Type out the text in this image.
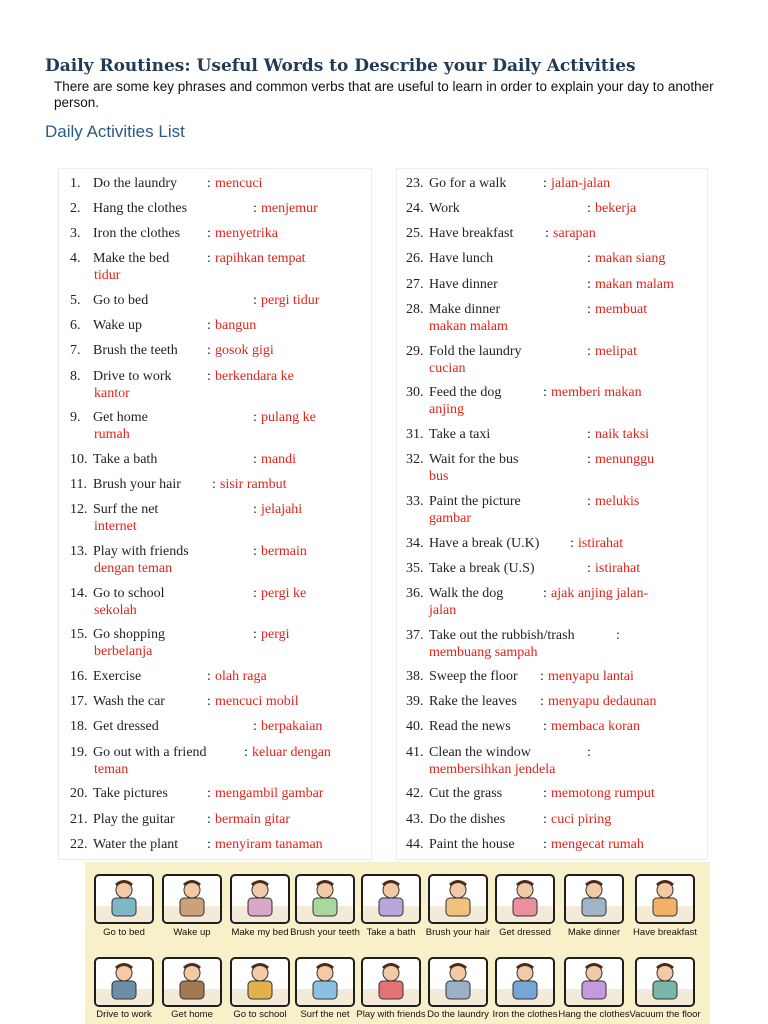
Daily Routines: Useful Words to Describe your Daily Activities
There are some key phrases and common verbs that are useful to learn in order to explain your day to another person.
Daily Activities List
1. Do the laundry : mencuci
2. Hang the clothes	: menjemur
3. Iron the clothes : menyetrika
4. Make the bed	: rapihkan tempat
tidur
5. Go to bed	: pergi tidur
6. Wake up	: bangun
7. Brush the teeth : gosok gigi
8. Drive to work	: berkendara ke
kantor
9. Get home	: pulang ke
rumah
10. Take a bath	: mandi
11. Brush your hair : sisir rambut
12. Surf the net	: jelajahi
internet
13. Play with friends	: bermain
dengan teman
14. Go to school	: pergi ke
sekolah
15. Go shopping	: pergi
berbelanja
16. Exercise	: olah raga
17. Wash the car	: mencuci mobil
18. Get dressed	: berpakaian
19. Go out with a friend	: keluar dengan
teman
20. Take pictures	: mengambil gambar
21. Play the guitar : bermain gitar
22. Water the plant : menyiram tanaman
23. Go for a walk	: jalan-jalan
24. Work	: bekerja
25. Have breakfast : sarapan
26. Have lunch	: makan siang
27. Have dinner	: makan malam
28. Make dinner	: membuat
makan malam
29. Fold the laundry	: melipat
cucian
30. Feed the dog	: memberi makan
anjing
31. Take a taxi	: naik taksi
32. Wait for the bus	: menunggu
bus
33. Paint the picture	: melukis
gambar
34. Have a break (U.K) : istirahat
35. Take a break (U.S)	: istirahat
36. Walk the dog	: ajak anjing jalan-
jalan
37. Take out the rubbish/trash	:
membuang sampah
38. Sweep the floor : menyapu lantai
39. Rake the leaves : menyapu dedaunan
40. Read the news : membaca koran
41. Clean the window	:
membersihkan jendela
42. Cut the grass	: memotong rumput
43. Do the dishes	: cuci piring
44. Paint the house : mengecat rumah
Go to bed	Wake up	Make my bed Brush your teeth Take a bath	Brush your hair Get dressed	Make dinner	Have breakfast
Drive to work	Get home	Go to school	Surf the net Play with friends Do the laundry Iron the clothes Hang the clothes Vacuum the floor
